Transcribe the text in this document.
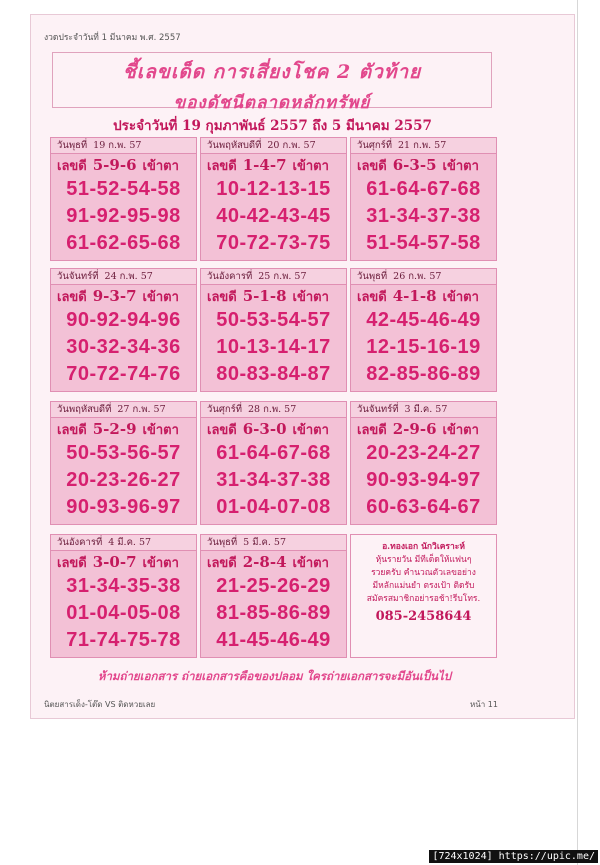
งวดประจำวันที่ 1 มีนาคม พ.ศ. 2557
ชี้เลขเด็ด การเสี่ยงโชค 2 ตัวท้าย
ของดัชนีตลาดหลักทรัพย์
ประจำวันที่ 19 กุมภาพันธ์ 2557 ถึง 5 มีนาคม 2557
วันพุธที่ 19 ก.พ. 57
เลขดี 5-9-6 เข้าตา
51-52-54-58
91-92-95-98
61-62-65-68
วันพฤหัสบดีที่ 20 ก.พ. 57
เลขดี 1-4-7 เข้าตา
10-12-13-15
40-42-43-45
70-72-73-75
วันศุกร์ที่ 21 ก.พ. 57
เลขดี 6-3-5 เข้าตา
61-64-67-68
31-34-37-38
51-54-57-58
วันจันทร์ที่ 24 ก.พ. 57
เลขดี 9-3-7 เข้าตา
90-92-94-96
30-32-34-36
70-72-74-76
วันอังคารที่ 25 ก.พ. 57
เลขดี 5-1-8 เข้าตา
50-53-54-57
10-13-14-17
80-83-84-87
วันพุธที่ 26 ก.พ. 57
เลขดี 4-1-8 เข้าตา
42-45-46-49
12-15-16-19
82-85-86-89
วันพฤหัสบดีที่ 27 ก.พ. 57
เลขดี 5-2-9 เข้าตา
50-53-56-57
20-23-26-27
90-93-96-97
วันศุกร์ที่ 28 ก.พ. 57
เลขดี 6-3-0 เข้าตา
61-64-67-68
31-34-37-38
01-04-07-08
วันจันทร์ที่ 3 มี.ค. 57
เลขดี 2-9-6 เข้าตา
20-23-24-27
90-93-94-97
60-63-64-67
วันอังคารที่ 4 มี.ค. 57
เลขดี 3-0-7 เข้าตา
31-34-35-38
01-04-05-08
71-74-75-78
วันพุธที่ 5 มี.ค. 57
เลขดี 2-8-4 เข้าตา
21-25-26-29
81-85-86-89
41-45-46-49
อ.ทองเอก นักวิเคราะห์
หุ้นรายวัน มีทีเด็ดให้แฟนๆ
รวยครับ คำนวณตัวเลขอย่าง
มีหลักแม่นยำ ตรงเป้า ติดรับ
สมัครสมาชิกอย่ารอช้า!รีบโทร.
085-2458644
ห้ามถ่ายเอกสาร ถ่ายเอกสารคือของปลอม ใครถ่ายเอกสารจะมีอันเป็นไป
นิตยสารเด็ง-โต๊ด VS ติดหวยเลย	หน้า 11
[724x1024] https://upic.me/
